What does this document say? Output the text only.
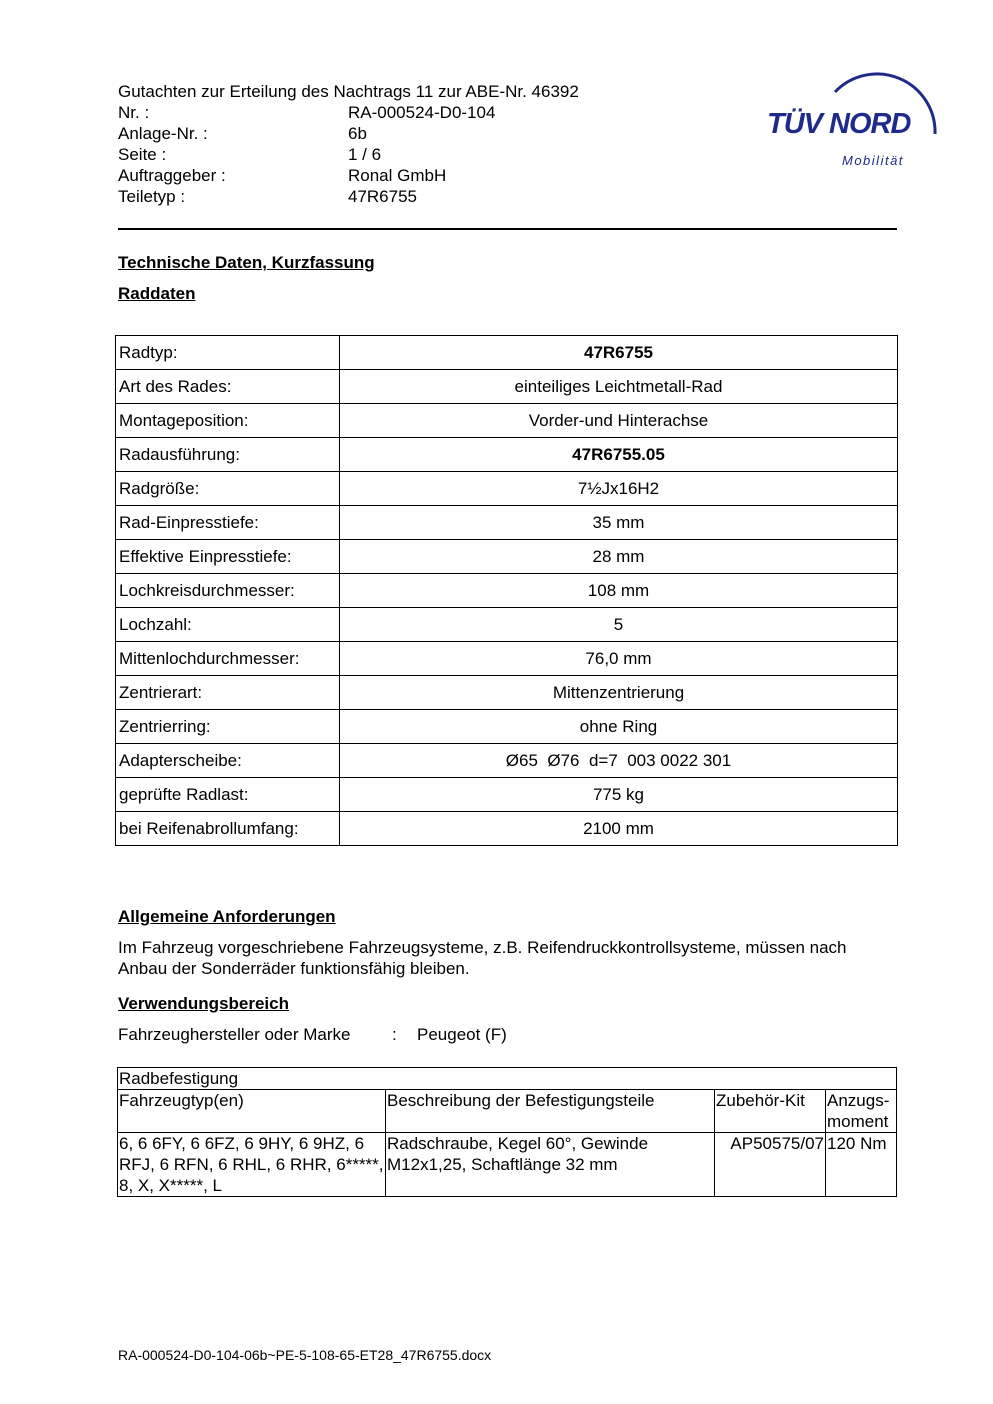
Gutachten zur Erteilung des Nachtrags 11 zur ABE-Nr. 46392
Nr. :	RA-000524-D0-104
Anlage-Nr. :	6b
Seite :	1 / 6
Auftraggeber :	Ronal GmbH
Teiletyp :	47R6755
TÜV NORD
Mobilität
Technische Daten, Kurzfassung
Raddaten
Radtyp:	47R6755
Art des Rades:	einteiliges Leichtmetall-Rad
Montageposition:	Vorder-und Hinterachse
Radausführung:	47R6755.05
Radgröße:	7½Jx16H2
Rad-Einpresstiefe:	35 mm
Effektive Einpresstiefe:	28 mm
Lochkreisdurchmesser:	108 mm
Lochzahl:	5
Mittenlochdurchmesser:	76,0 mm
Zentrierart:	Mittenzentrierung
Zentrierring:	ohne Ring
Adapterscheibe:	Ø65  Ø76  d=7  003 0022 301
geprüfte Radlast:	775 kg
bei Reifenabrollumfang:	2100 mm
Allgemeine Anforderungen
Im Fahrzeug vorgeschriebene Fahrzeugsysteme, z.B. Reifendruckkontrollsysteme, müssen nach Anbau der Sonderräder funktionsfähig bleiben.
Verwendungsbereich
Fahrzeughersteller oder Marke	:	Peugeot (F)
Radbefestigung			
Fahrzeugtyp(en)	Beschreibung der Befestigungsteile	Zubehör-Kit	Anzugs- moment
6, 6 6FY, 6 6FZ, 6 9HY, 6 9HZ, 6 RFJ, 6 RFN, 6 RHL, 6 RHR, 6*****, 8, X, X*****, L	Radschraube, Kegel 60°, Gewinde M12x1,25, Schaftlänge 32 mm	AP50575/07	120 Nm
RA-000524-D0-104-06b~PE-5-108-65-ET28_47R6755.docx
